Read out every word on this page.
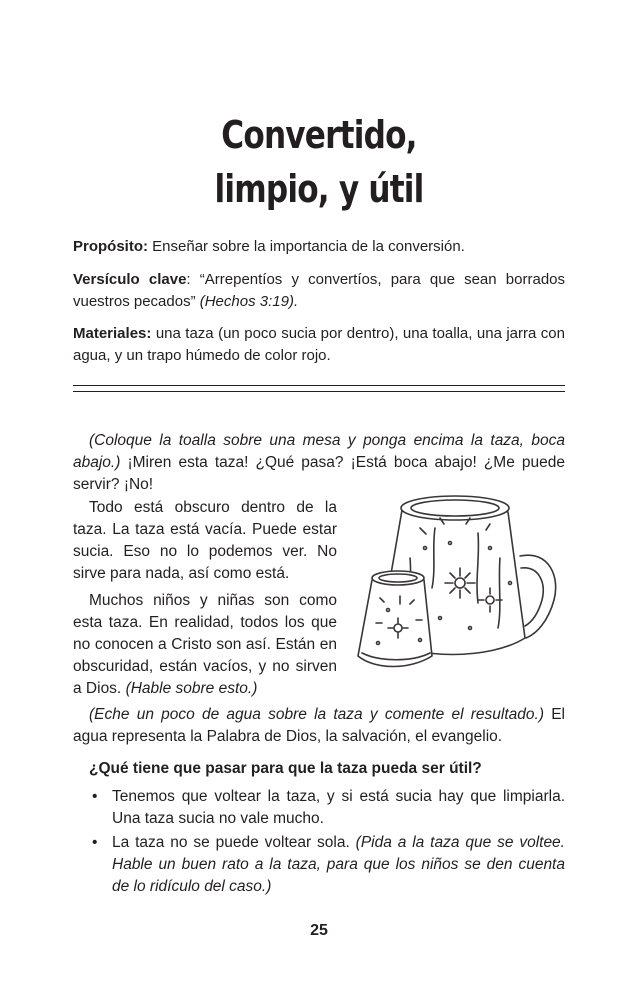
Convertido,
limpio, y útil

Propósito: Enseñar sobre la importancia de la conversión.

Versículo clave: “Arrepentíos y convertíos, para que sean borrados vuestros pecados” (Hechos 3:19).

Materiales: una taza (un poco sucia por dentro), una toalla, una jarra con agua, y un trapo húmedo de color rojo.

(Coloque la toalla sobre una mesa y ponga encima la taza, boca abajo.) ¡Miren esta taza! ¿Qué pasa? ¡Está boca abajo! ¿Me puede servir? ¡No!

Todo está obscuro dentro de la taza. La taza está vacía. Puede estar sucia. Eso no lo podemos ver. No sirve para nada, así como está.

Muchos niños y niñas son como esta taza. En realidad, todos los que no conocen a Cristo son así. Están en obscuridad, están vacíos, y no sirven a Dios. (Hable sobre esto.)

(Eche un poco de agua sobre la taza y comente el resultado.) El agua representa la Palabra de Dios, la salvación, el evangelio.

¿Qué tiene que pasar para que la taza pueda ser útil?

• Tenemos que voltear la taza, y si está sucia hay que limpiarla. Una taza sucia no vale mucho.

• La taza no se puede voltear sola. (Pida a la taza que se voltee. Hable un buen rato a la taza, para que los niños se den cuenta de lo ridículo del caso.)

25
